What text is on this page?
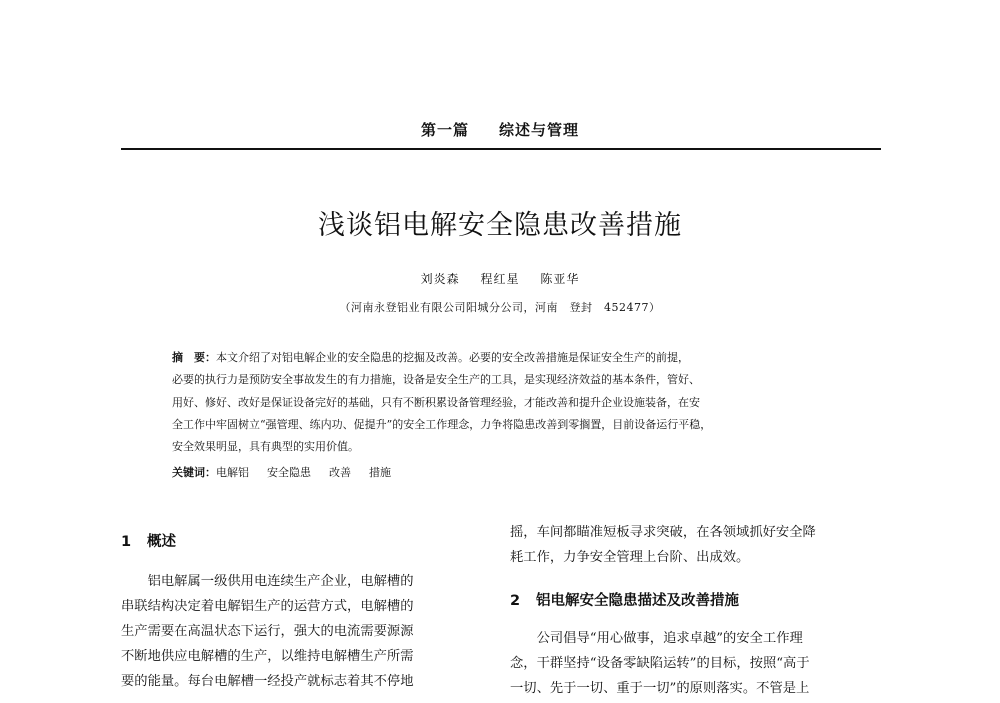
第一篇 综述与管理
浅谈铝电解安全隐患改善措施
刘炎森 程红星 陈亚华
（河南永登铝业有限公司阳城分公司，河南　登封　452477）
摘　要：本文介绍了对铝电解企业的安全隐患的挖掘及改善。必要的安全改善措施是保证安全生产的前提，
必要的执行力是预防安全事故发生的有力措施，设备是安全生产的工具，是实现经济效益的基本条件，管好、
用好、修好、改好是保证设备完好的基础，只有不断积累设备管理经验，才能改善和提升企业设施装备，在安
全工作中牢固树立“强管理、练内功、促提升”的安全工作理念，力争将隐患改善到零搁置，目前设备运行平稳，
安全效果明显，具有典型的实用价值。
关键词：电解铝 安全隐患 改善 措施
1 概述
　　铝电解属一级供用电连续生产企业，电解槽的
串联结构决定着电解铝生产的运营方式，电解槽的
生产需要在高温状态下运行，强大的电流需要源源
不断地供应电解槽的生产，以维持电解槽生产所需
要的能量。每台电解槽一经投产就标志着其不停地
摇，车间都瞄准短板寻求突破，在各领域抓好安全降
耗工作，力争安全管理上台阶、出成效。
2 铝电解安全隐患描述及改善措施
　　公司倡导“用心做事，追求卓越”的安全工作理
念，干群坚持“设备零缺陷运转”的目标，按照“高于
一切、先于一切、重于一切”的原则落实。不管是上
